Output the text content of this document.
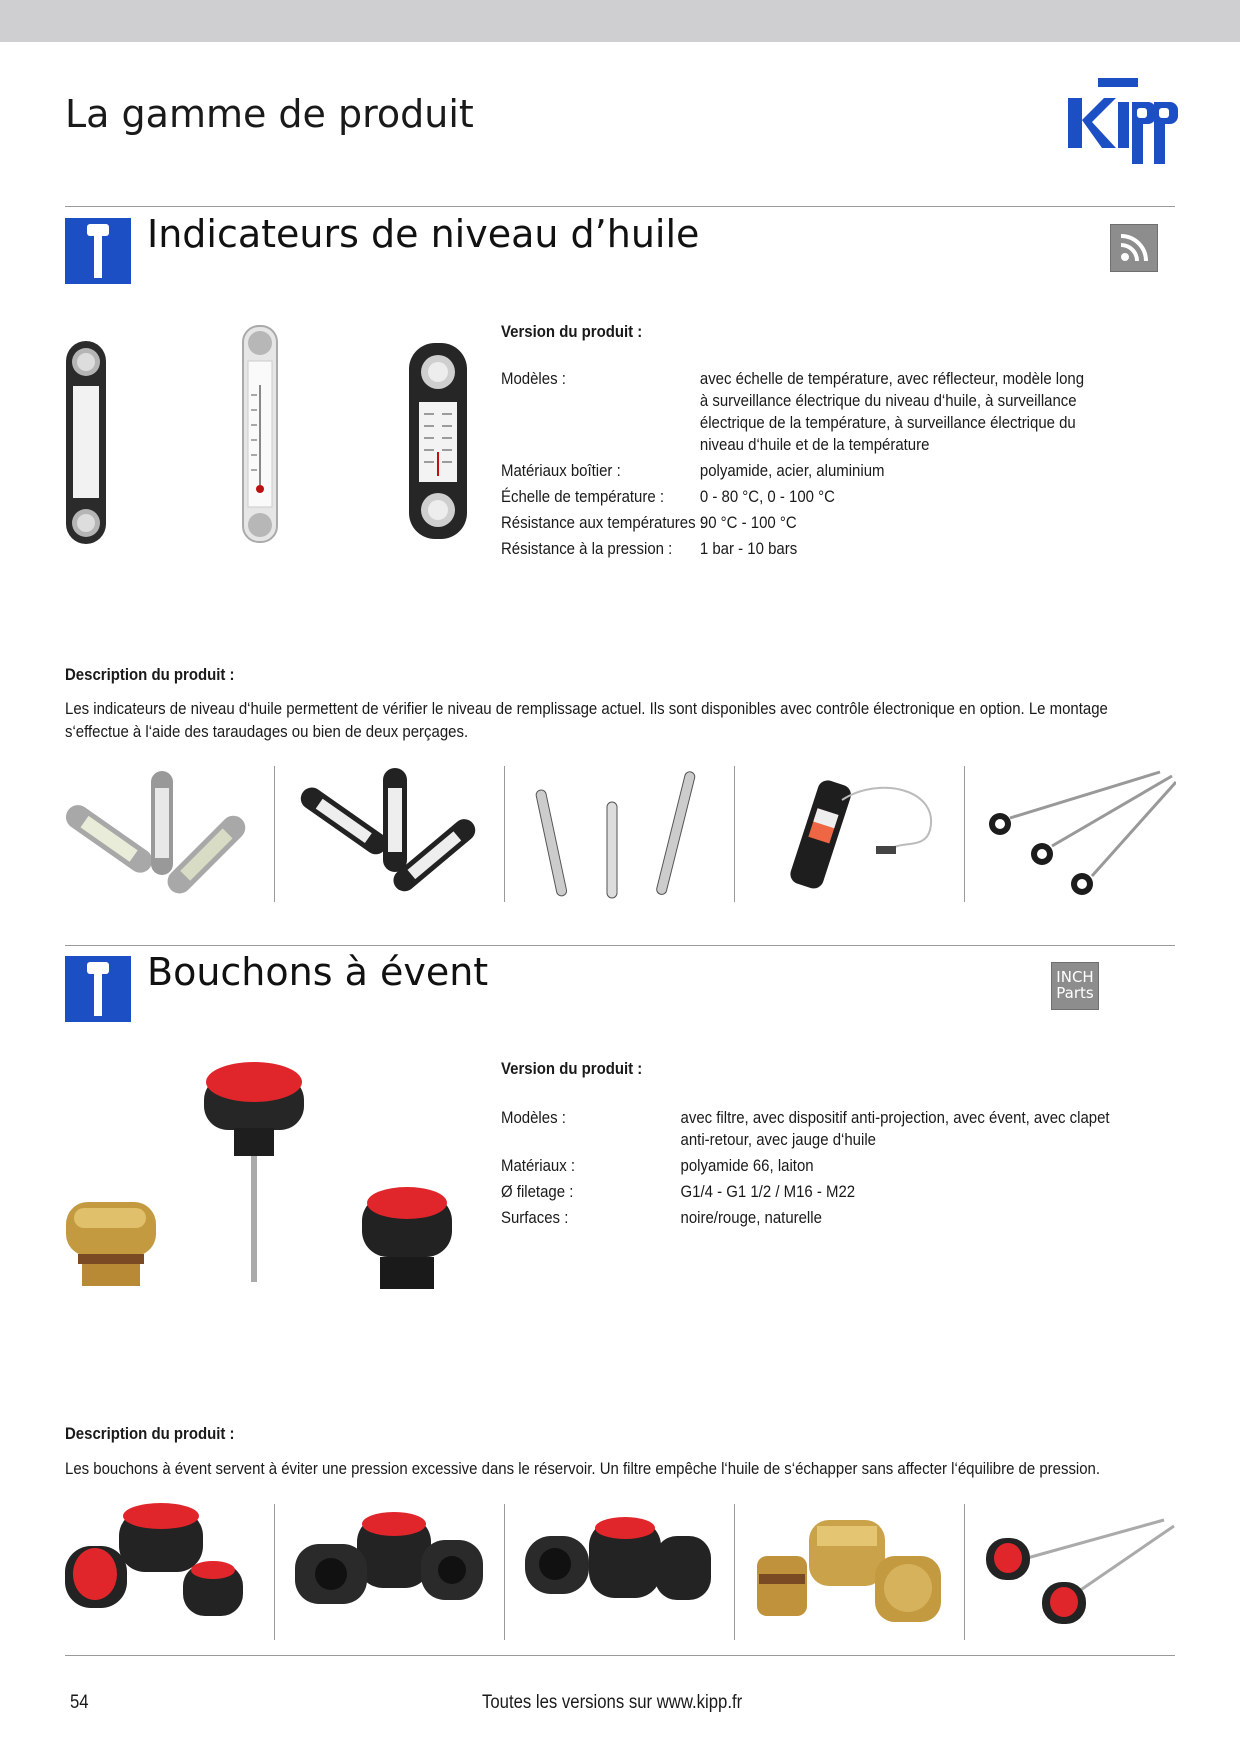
La gamme de produit
Indicateurs de niveau d’huile
Version du produit :
Modèles :	avec échelle de température, avec réflecteur, modèle long
à surveillance électrique du niveau d‘huile, à surveillance
électrique de la température, à surveillance électrique du
niveau d‘huile et de la température
Matériaux boîtier :	polyamide, acier, aluminium
Échelle de température : 0 - 80 °C, 0 - 100 °C
Résistance aux températures :
90 °C - 100 °C
Résistance à la pression : 1 bar - 10 bars
Description du produit :
Les indicateurs de niveau d‘huile permettent de vérifier le niveau de remplissage actuel. Ils sont disponibles avec contrôle électronique en option. Le montage
s‘effectue à l‘aide des taraudages ou bien de deux perçages.
Bouchons à évent	INCH
Parts
Version du produit :
Modèles :	avec filtre, avec dispositif anti-projection, avec évent, avec clapet
anti-retour, avec jauge d‘huile
Matériaux :	polyamide 66, laiton
Ø filetage :	G1/4 - G1 1/2 / M16 - M22
Surfaces :	noire/rouge, naturelle
Description du produit :
Les bouchons à évent servent à éviter une pression excessive dans le réservoir. Un filtre empêche l‘huile de s‘échapper sans affecter l‘équilibre de pression.
54	Toutes les versions sur www.kipp.fr
